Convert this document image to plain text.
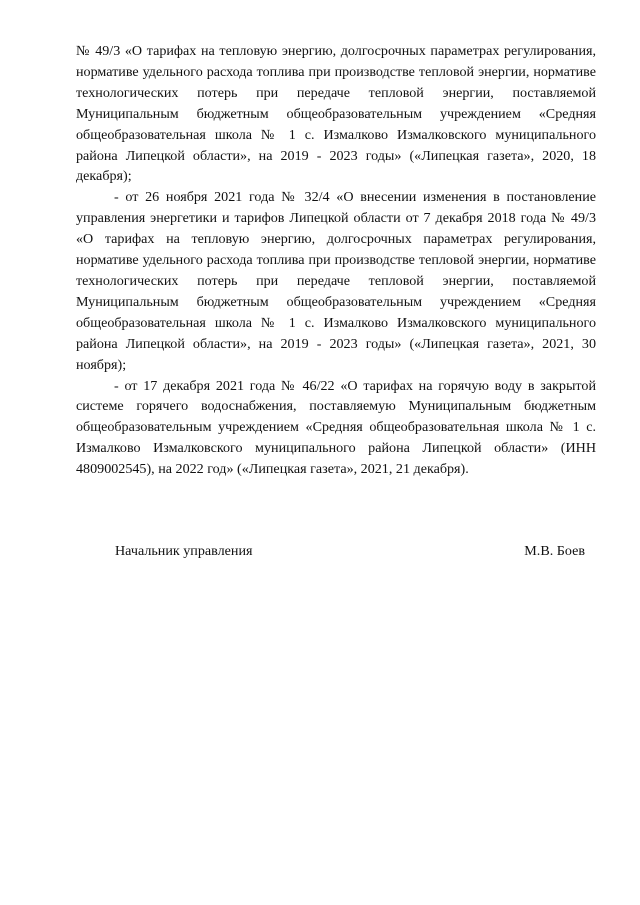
№ 49/3 «О тарифах на тепловую энергию, долгосрочных параметрах регулирования, нормативе удельного расхода топлива при производстве тепловой энергии, нормативе технологических потерь при передаче тепловой энергии, поставляемой Муниципальным бюджетным общеобразовательным учреждением «Средняя общеобразовательная школа № 1 с. Измалково Измалковского муниципального района Липецкой области», на 2019 - 2023 годы» («Липецкая газета», 2020, 18 декабря);

- от 26 ноября 2021 года № 32/4 «О внесении изменения в постановление управления энергетики и тарифов Липецкой области от 7 декабря 2018 года № 49/3 «О тарифах на тепловую энергию, долгосрочных параметрах регулирования, нормативе удельного расхода топлива при производстве тепловой энергии, нормативе технологических потерь при передаче тепловой энергии, поставляемой Муниципальным бюджетным общеобразовательным учреждением «Средняя общеобразовательная школа № 1 с. Измалково Измалковского муниципального района Липецкой области», на 2019 - 2023 годы» («Липецкая газета», 2021, 30 ноября);

- от 17 декабря 2021 года № 46/22 «О тарифах на горячую воду в закрытой системе горячего водоснабжения, поставляемую Муниципальным бюджетным общеобразовательным учреждением «Средняя общеобразовательная школа № 1 с. Измалково Измалковского муниципального района Липецкой области» (ИНН 4809002545), на 2022 год» («Липецкая газета», 2021, 21 декабря).

Начальник управления	М.В. Боев
